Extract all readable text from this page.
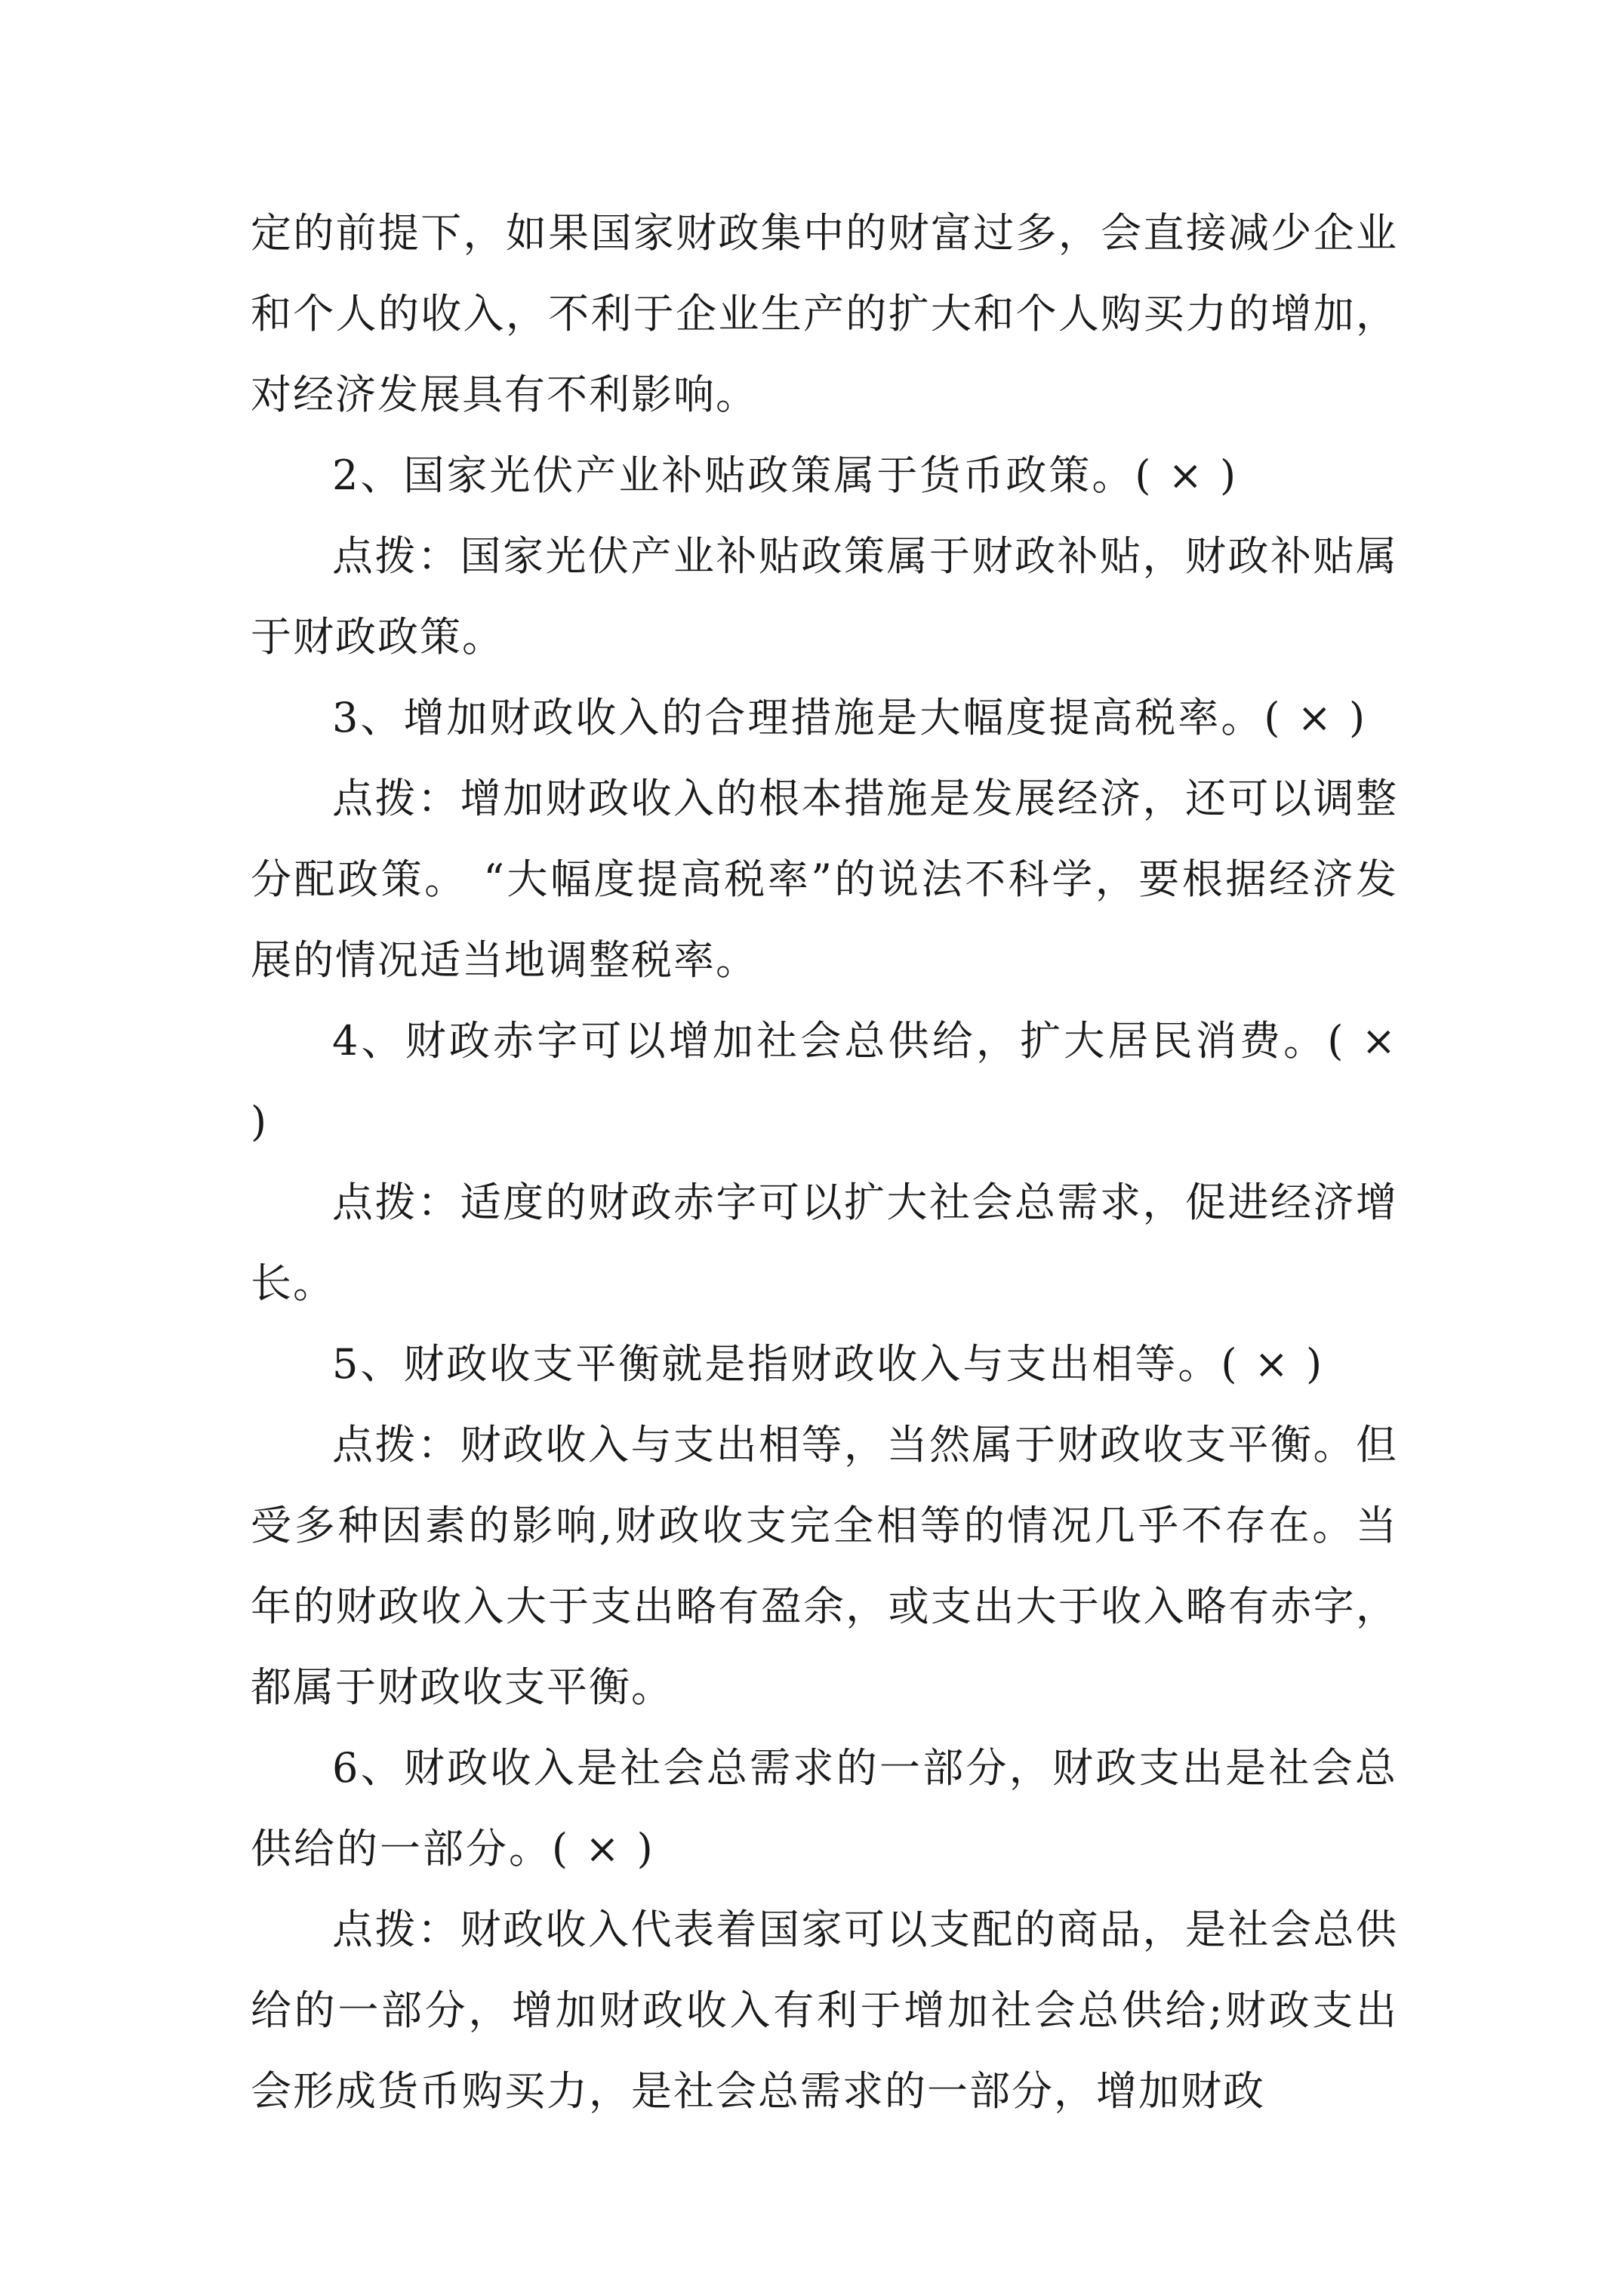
定的前提下，如果国家财政集中的财富过多，会直接减少企业和个人的收入，不利于企业生产的扩大和个人购买力的增加，对经济发展具有不利影响。

2、国家光伏产业补贴政策属于货币政策。( × )

点拨：国家光伏产业补贴政策属于财政补贴，财政补贴属于财政政策。

3、增加财政收入的合理措施是大幅度提高税率。( × )

点拨：增加财政收入的根本措施是发展经济，还可以调整分配政策。 “大幅度提高税率”的说法不科学，要根据经济发展的情况适当地调整税率。

4、财政赤字可以增加社会总供给，扩大居民消费。( × )

点拨：适度的财政赤字可以扩大社会总需求，促进经济增长。

5、财政收支平衡就是指财政收入与支出相等。( × )

点拨：财政收入与支出相等，当然属于财政收支平衡。但受多种因素的影响,财政收支完全相等的情况几乎不存在。当年的财政收入大于支出略有盈余，或支出大于收入略有赤字，都属于财政收支平衡。

6、财政收入是社会总需求的一部分，财政支出是社会总供给的一部分。( × )

点拨：财政收入代表着国家可以支配的商品，是社会总供给的一部分，增加财政收入有利于增加社会总供给;财政支出会形成货币购买力，是社会总需求的一部分，增加财政
